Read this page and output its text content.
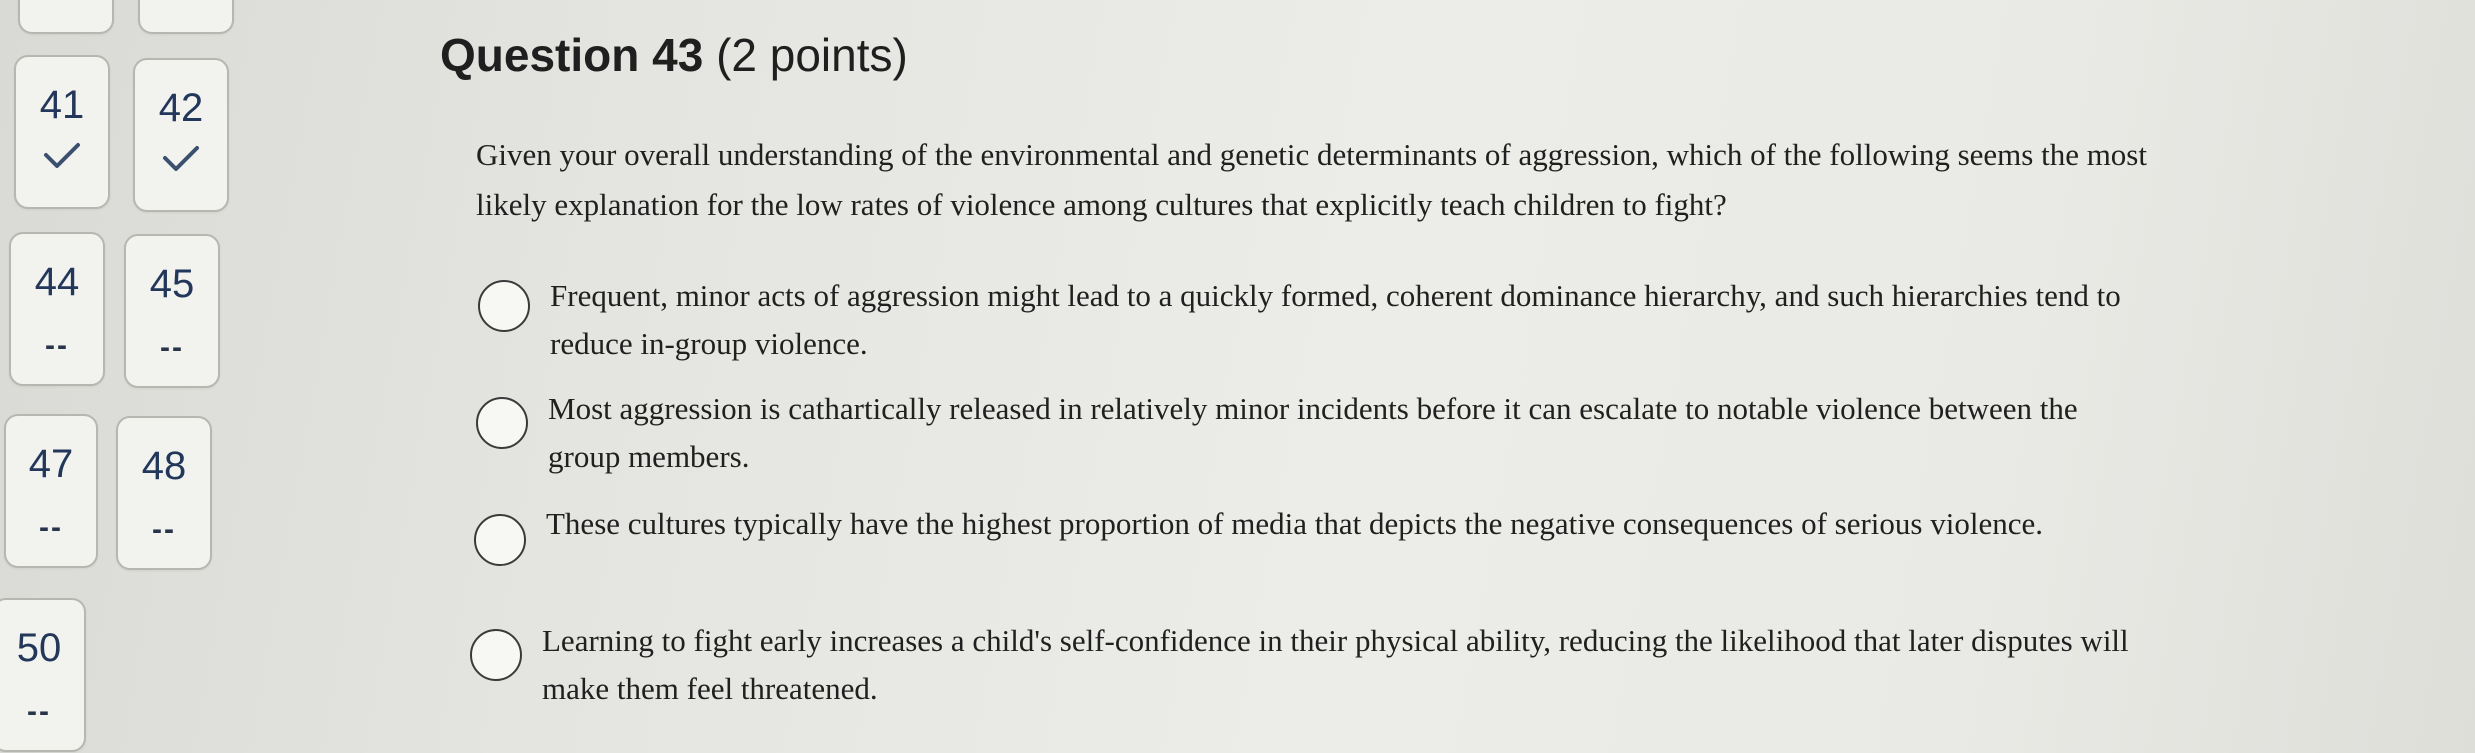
41	42
44
--
45
--
47
--
48
--
50
--
Question 43 (2 points)
Given your overall understanding of the environmental and genetic determinants of aggression, which of the following seems the most likely explanation for the low rates of violence among cultures that explicitly teach children to fight?
Frequent, minor acts of aggression might lead to a quickly formed, coherent dominance hierarchy, and such hierarchies tend to reduce in-group violence.
Most aggression is cathartically released in relatively minor incidents before it can escalate to notable violence between the group members.
These cultures typically have the highest proportion of media that depicts the negative consequences of serious violence.
Learning to fight early increases a child's self-confidence in their physical ability, reducing the likelihood that later disputes will make them feel threatened.
